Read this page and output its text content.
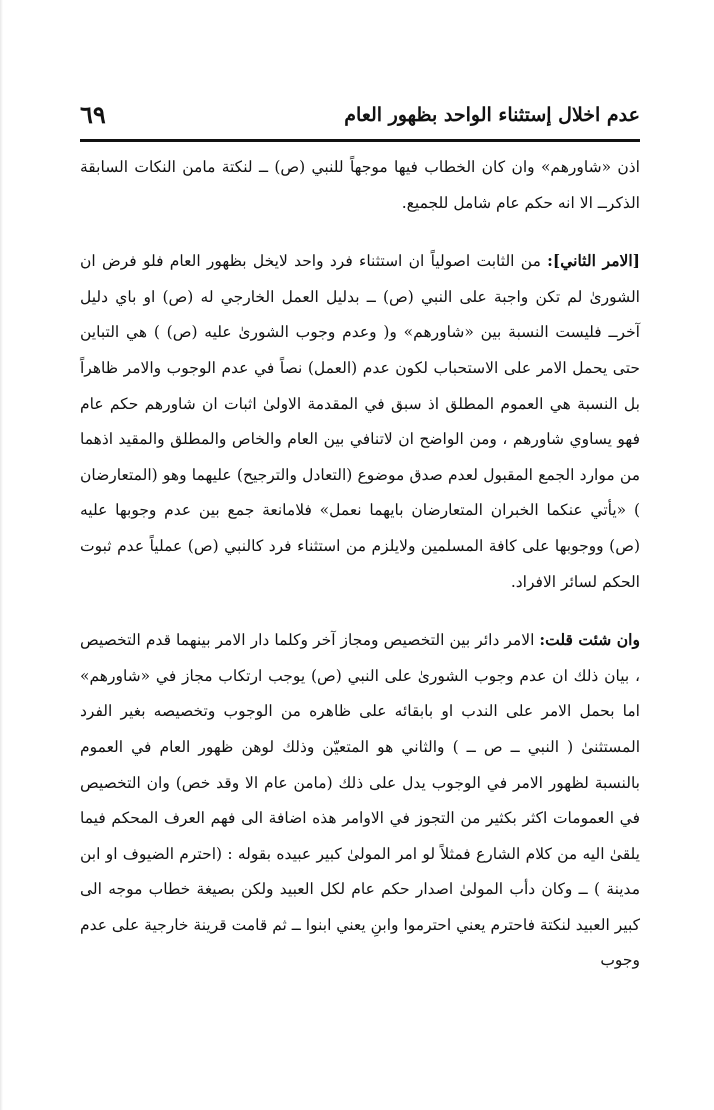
عدم اخلال إستثناء الواحد بظهور العام
٦٩

اذن «شاورهم» وان كان الخطاب فيها موجهاً للنبي (ص) ــ لنكتة مامن النكات السابقة الذكرــ الا انه حكم عام شامل للجميع.

[الامر الثاني]: من الثابت اصولياً ان استثناء فرد واحد لايخل بظهور العام فلو فرض ان الشورىٰ لم تكن واجبة على النبي (ص) ــ بدليل العمل الخارجي له (ص) او باي دليل آخرــ فليست النسبة بين «شاورهم» و( وعدم وجوب الشورىٰ عليه (ص) ) هي التباين حتى يحمل الامر على الاستحباب لكون عدم (العمل) نصاً في عدم الوجوب والامر ظاهراً بل النسبة هي العموم المطلق اذ سبق في المقدمة الاولىٰ اثبات ان شاورهم حكم عام فهو يساوي شاورهم ، ومن الواضح ان لاتنافي بين العام والخاص والمطلق والمقيد اذهما من موارد الجمع المقبول لعدم صدق موضوع (التعادل والترجيح) عليهما وهو (المتعارضان ) «يأتي عنكما الخبران المتعارضان بايهما نعمل» فلامانعة جمع بين عدم وجوبها عليه (ص) ووجوبها على كافة المسلمين ولايلزم من استثناء فرد كالنبي (ص) عملياً عدم ثبوت الحكم لسائر الافراد.

وان شئت قلت: الامر دائر بين التخصيص ومجاز آخر وكلما دار الامر بينهما قدم التخصيص ، بيان ذلك ان عدم وجوب الشورىٰ على النبي (ص) يوجب ارتكاب مجاز في «شاورهم» اما بحمل الامر على الندب او بابقائه على ظاهره من الوجوب وتخصيصه بغير الفرد المستثنىٰ ( النبي ــ ص ــ ) والثاني هو المتعيّن وذلك لوهن ظهور العام في العموم بالنسبة لظهور الامر في الوجوب يدل على ذلك (مامن عام الا وقد خص) وان التخصيص في العمومات اكثر بكثير من التجوز في الاوامر هذه اضافة الى فهم العرف المحكم فيما يلقىٰ اليه من كلام الشارع فمثلاً لو امر المولىٰ كبير عبيده بقوله : (احترم الضيوف او ابن مدينة ) ــ وكان دأب المولىٰ اصدار حكم عام لكل العبيد ولكن بصيغة خطاب موجه الى كبير العبيد لنكتة فاحترم يعني احترموا وابنِ يعني ابنوا ــ ثم قامت قرينة خارجية على عدم وجوب
